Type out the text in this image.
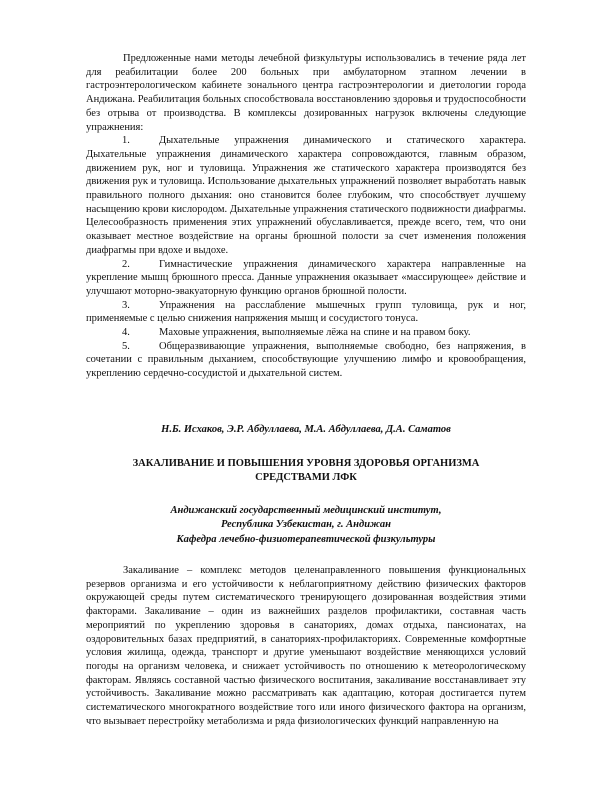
Предложенные нами методы лечебной физкультуры использовались в течение ряда лет для реабилитации более 200 больных при амбулаторном этапном лечении в гастроэнтерологическом кабинете зонального центра гастроэнтерологии и диетологии города Андижана. Реабилитация больных способствовала восстановлению здоровья и трудоспособности без отрыва от производства. В комплексы дозированных нагрузок включены следующие упражнения:

1.	Дыхательные упражнения динамического и статического характера. Дыхательные упражнения динамического характера сопровождаются, главным образом, движением рук, ног и туловища. Упражнения же статического характера производятся без движения рук и туловища. Использование дыхательных упражнений позволяет выработать навык правильного полного дыхания: оно становится более глубоким, что способствует лучшему насыщению крови кислородом. Дыхательные упражнения статического подвижности диафрагмы. Целесообразность применения этих упражнений обуславливается, прежде всего, тем, что они оказывает местное воздействие на органы брюшной полости за счет изменения положения диафрагмы при вдохе и выдохе.

2.	Гимнастические упражнения динамического характера направленные на укрепление мышц брюшного пресса. Данные упражнения оказывает «массирующее» действие и улучшают моторно-эвакуаторную функцию органов брюшной полости.

3.	Упражнения на расслабление мышечных групп туловища, рук и ног, применяемые с целью снижения напряжения мышц и сосудистого тонуса.

4.	Маховые упражнения, выполняемые лёжа на спине и на правом боку.

5.	Общеразвивающие упражнения, выполняемые свободно, без напряжения, в сочетании с правильным дыханием, способствующие улучшению лимфо и кровообращения, укреплению сердечно-сосудистой и дыхательной систем.

Н.Б. Исхаков, Э.Р. Абдуллаева, М.А. Абдуллаева, Д.А. Саматов

ЗАКАЛИВАНИЕ И ПОВЫШЕНИЯ УРОВНЯ ЗДОРОВЬЯ ОРГАНИЗМА
СРЕДСТВАМИ ЛФК
Андижанский государственный медицинский институт,
Республика Узбекистан, г. Андижан
Кафедра лечебно-физиотерапевтической физкультуры

Закаливание – комплекс методов целенаправленного повышения функциональных резервов организма и его устойчивости к неблагоприятному действию физических факторов окружающей среды путем систематического тренирующего дозированная воздействия этими факторами. Закаливание – один из важнейших разделов профилактики, составная часть мероприятий по укреплению здоровья в санаториях, домах отдыха, пансионатах, на оздоровительных базах предприятий, в санаториях-профилакториях. Современные комфортные условия жилища, одежда, транспорт и другие уменьшают воздействие меняющихся условий погоды на организм человека, и снижает устойчивость по отношению к метеорологическому факторам. Являясь составной частью физического воспитания, закаливание восстанавливает эту устойчивость. Закаливание можно рассматривать как адаптацию, которая достигается путем систематического многократного воздействие того или иного физического фактора на организм, что вызывает перестройку метаболизма и ряда физиологических функций направленную на
